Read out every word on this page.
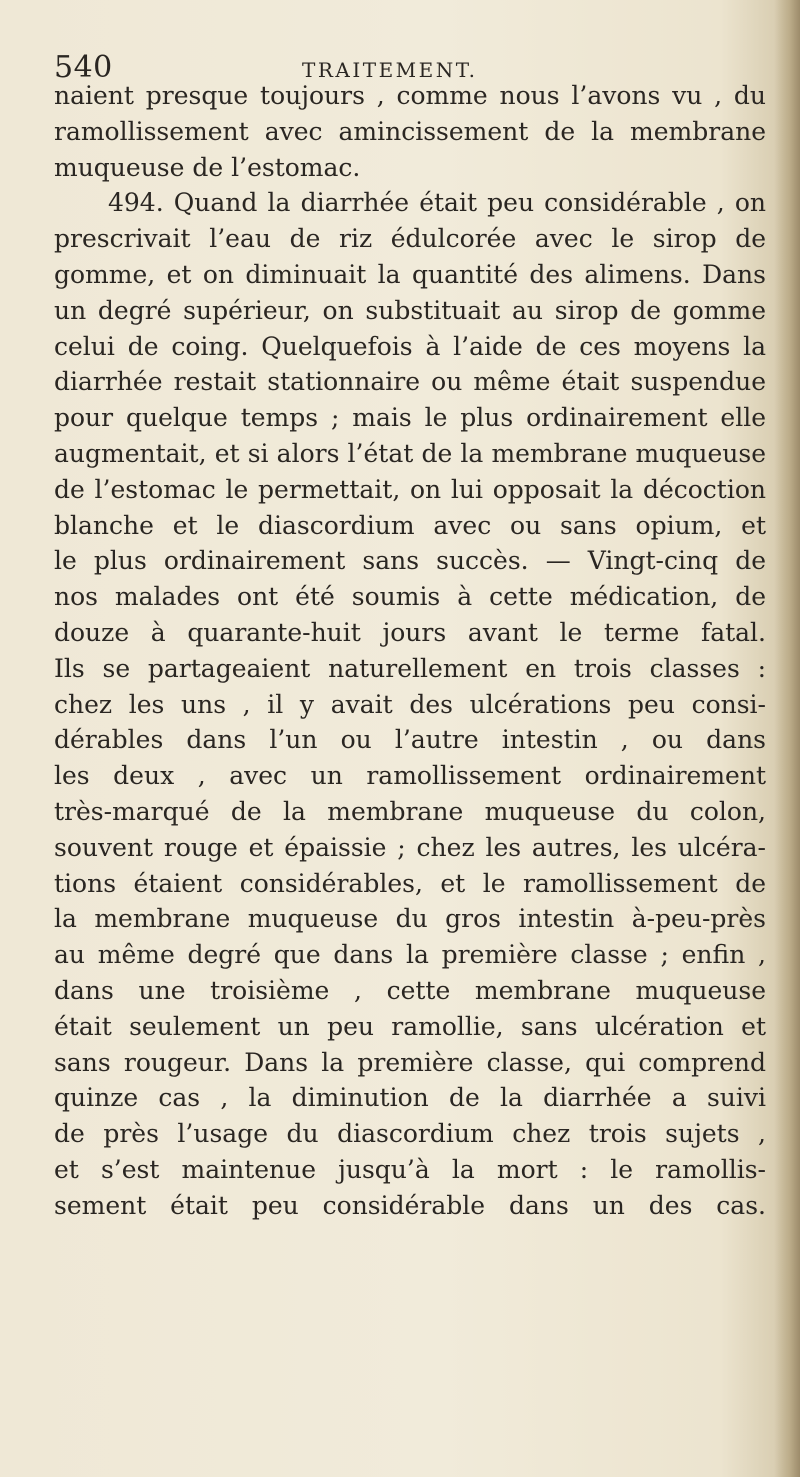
540	TRAITEMENT.
naient presque toujours , comme nous l’avons vu , du
ramollissement avec amincissement de la membrane
muqueuse de l’estomac.
494. Quand la diarrhée était peu considérable , on
prescrivait l’eau de riz édulcorée avec le sirop de
gomme, et on diminuait la quantité des alimens. Dans
un degré supérieur, on substituait au sirop de gomme
celui de coing. Quelquefois à l’aide de ces moyens la
diarrhée restait stationnaire ou même était suspendue
pour quelque temps ; mais le plus ordinairement elle
augmentait, et si alors l’état de la membrane muqueuse
de l’estomac le permettait, on lui opposait la décoction
blanche et le diascordium avec ou sans opium, et
le plus ordinairement sans succès. — Vingt-cinq de
nos malades ont été soumis à cette médication, de
douze à quarante-huit jours avant le terme fatal.
Ils se partageaient naturellement en trois classes :
chez les uns , il y avait des ulcérations peu consi-
dérables dans l’un ou l’autre intestin , ou dans
les deux , avec un ramollissement ordinairement
très-marqué de la membrane muqueuse du colon,
souvent rouge et épaissie ; chez les autres, les ulcéra-
tions étaient considérables, et le ramollissement de
la membrane muqueuse du gros intestin à-peu-près
au même degré que dans la première classe ; enfin ,
dans une troisième , cette membrane muqueuse
était seulement un peu ramollie, sans ulcération et
sans rougeur. Dans la première classe, qui comprend
quinze cas , la diminution de la diarrhée a suivi
de près l’usage du diascordium chez trois sujets ,
et s’est maintenue jusqu’à la mort : le ramollis-
sement était peu considérable dans un des cas.
